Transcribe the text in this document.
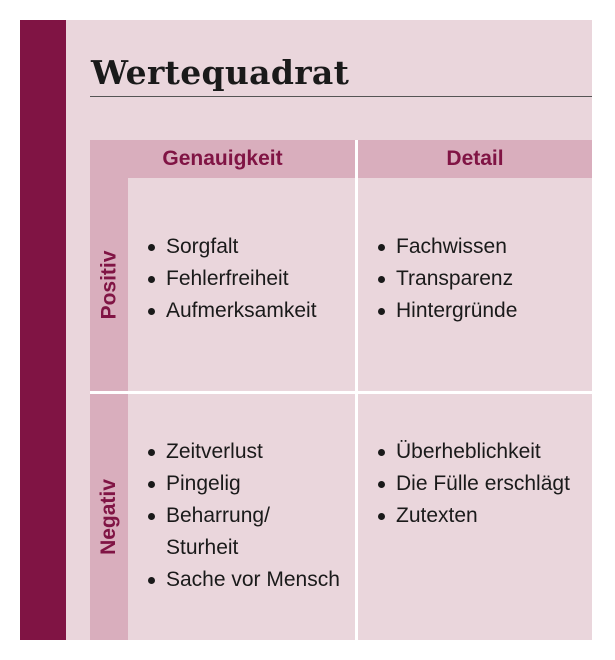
Wertequadrat
Genauigkeit	Detail
Positiv
Negativ
Sorgfalt
Fehlerfreiheit
Aufmerksamkeit
Fachwissen
Transparenz
Hintergründe
Zeitverlust
Pingelig
Beharrung/
Sturheit
Sache vor Mensch
Überheblichkeit
Die Fülle erschlägt
Zutexten
